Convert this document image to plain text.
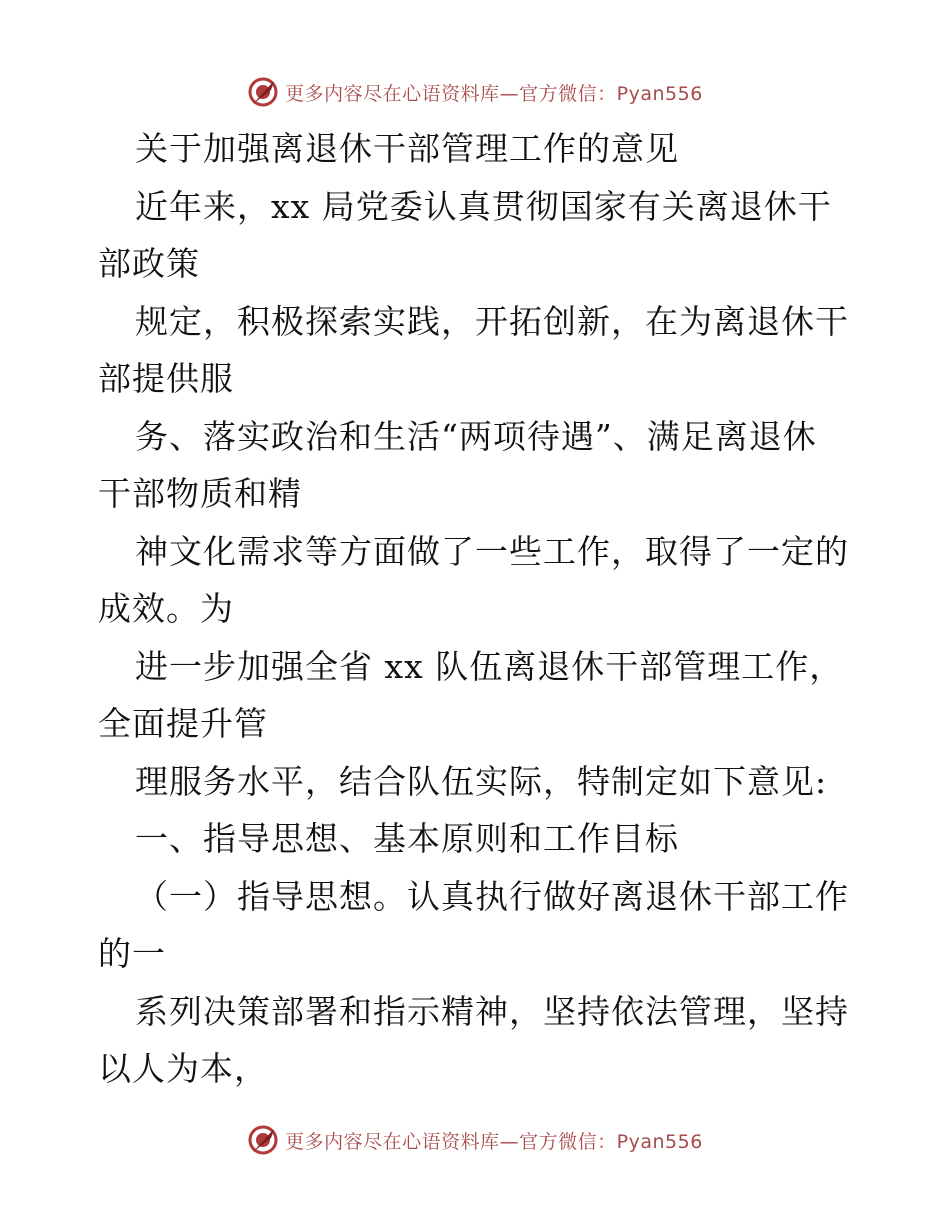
更多内容尽在心语资料库—官方微信：Pyan556
关于加强离退休干部管理工作的意见
近年来，xx 局党委认真贯彻国家有关离退休干
部政策
规定，积极探索实践，开拓创新，在为离退休干
部提供服
务、落实政治和生活“两项待遇”、满足离退休
干部物质和精
神文化需求等方面做了一些工作，取得了一定的
成效。为
进一步加强全省 xx 队伍离退休干部管理工作，
全面提升管
理服务水平，结合队伍实际，特制定如下意见:
一、指导思想、基本原则和工作目标
（一）指导思想。认真执行做好离退休干部工作
的一
系列决策部署和指示精神，坚持依法管理，坚持
以人为本，
更多内容尽在心语资料库—官方微信：Pyan556
